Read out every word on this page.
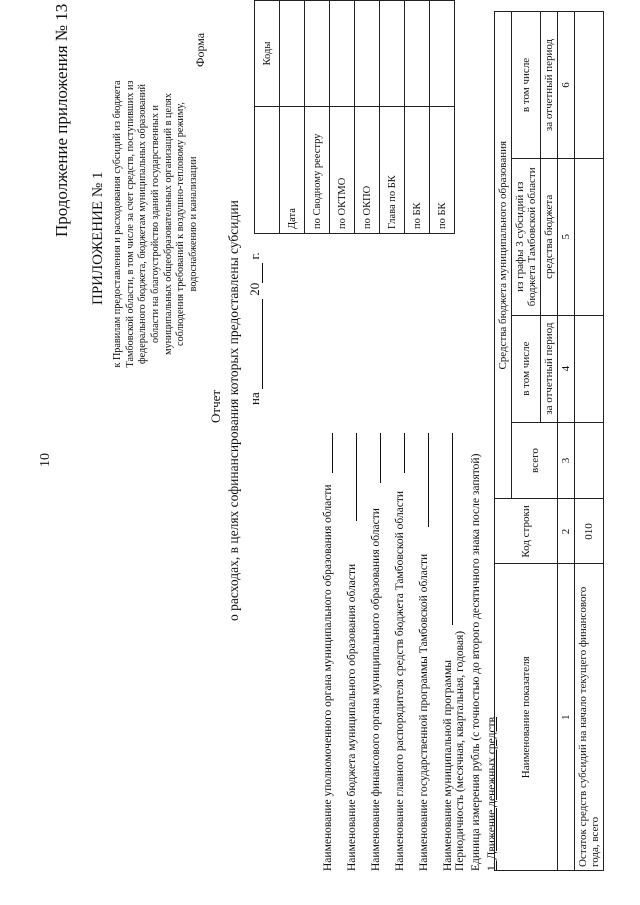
10
Продолжение приложения № 13
ПРИЛОЖЕНИЕ № 1 к Правилам предоставления и расходования субсидий из бюджета Тамбовской области, в том числе за счет средств, поступивших из федерального бюджета, бюджетам муниципальных образований области на благоустройство зданий государственных и муниципальных общеобразовательных организаций в целях соблюдения требований к воздушно-тепловому режиму, водоснабжению и канализации
Форма
Отчет о расходах, в целях софинансирования которых предоставлены субсидии на  20 г.
		Коды
	Дата	
	по Сводному реестру	
	по ОКТМО	
	по ОКПО	
	Глава по БК	
	по БК	
	по БК	
Наименование уполномоченного органа муниципального образования области Наименование бюджета муниципального образования области Наименование финансового органа муниципального образования области Наименование главного распорядителя средств бюджета Тамбовской области Наименование государственной программы Тамбовской области Наименование муниципальной программы Периодичность (месячная, квартальная, годовая) Единица измерения рубль (с точностью до второго десятичного знака после запятой) 1. Движение денежных средств Наименование показателя	Код строки	Средства бюджета муниципального образования			
		всего	в том числе	из графы 3 субсидий из бюджета Тамбовской области	в том числе
			за отчетный период	средства бюджета	за отчетный период
1	2	3	4	5	6
Остаток средств субсидий на начало текущего финансового года, всего	010				
